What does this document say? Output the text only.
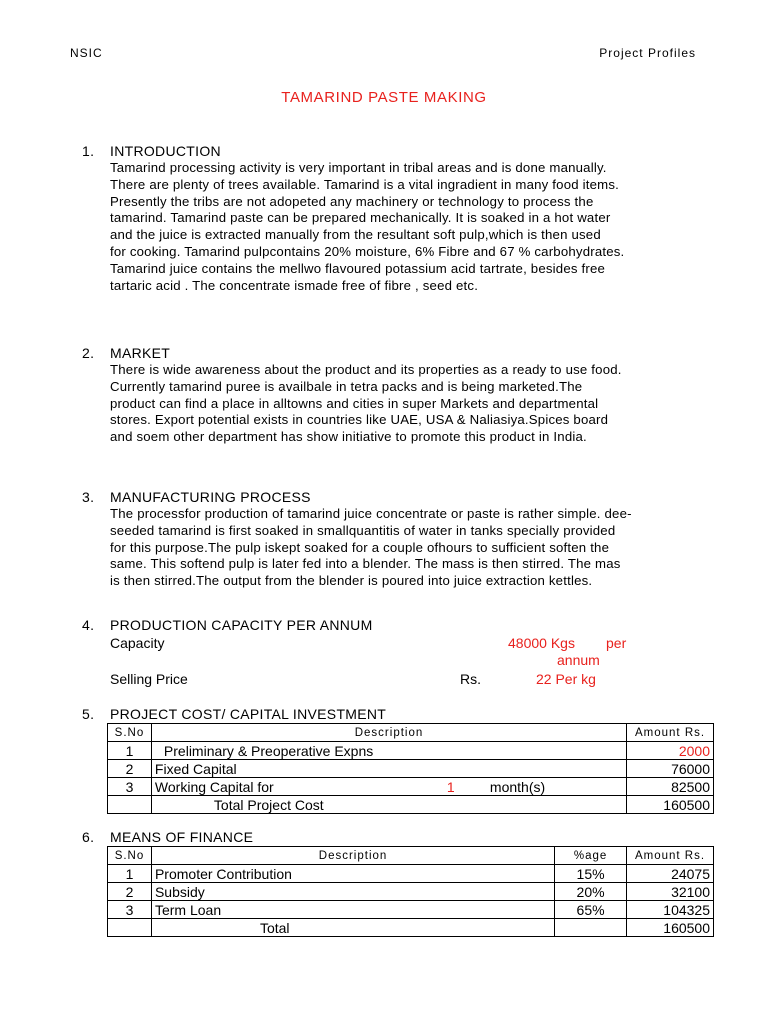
NSIC	Project Profiles
TAMARIND PASTE MAKING
1.	INTRODUCTION
Tamarind processing activity is very important in tribal areas and is done manually.
There are plenty of trees available. Tamarind is a vital ingradient in many food items.
Presently the tribs are not adopeted any machinery or technology to process the
tamarind. Tamarind paste can be prepared mechanically. It is soaked in a hot water
and the juice is extracted manually from the resultant soft pulp,which is then used
for cooking. Tamarind pulpcontains 20% moisture, 6% Fibre and 67 % carbohydrates.
Tamarind juice contains the mellwo flavoured potassium acid tartrate, besides free
tartaric acid . The concentrate ismade free of fibre , seed etc.
2.	MARKET
There is wide awareness about the product and its properties as a ready to use food.
Currently tamarind puree is availbale in tetra packs and is being marketed.The
product can find a place in alltowns and cities in super Markets and departmental
stores. Export potential exists in countries like UAE, USA & Naliasiya.Spices board
and soem other department has show initiative to promote this product in India.
3.	MANUFACTURING PROCESS
The processfor production of tamarind juice concentrate or paste is rather simple. dee-
seeded tamarind is first soaked in smallquantitis of water in tanks specially provided
for this purpose.The pulp iskept soaked for a couple ofhours to sufficient soften the
same. This softend pulp is later fed into a blender. The mass is then stirred. The mas
is then stirred.The output from the blender is poured into juice extraction kettles.
4.	PRODUCTION CAPACITY PER ANNUM
Capacity	48000 Kgs per
annum
Selling Price	Rs.	22 Per kg
5.	PROJECT COST/ CAPITAL INVESTMENT
S.No	Description	Amount Rs.
1	Preliminary & Preoperative Expns	2000
2	Fixed Capital	76000
3	Working Capital for 1 month(s)	82500
	Total Project Cost	160500
6.	MEANS OF FINANCE
S.No	Description	%age	Amount Rs.
1	Promoter Contribution	15%	24075
2	Subsidy	20%	32100
3	Term Loan	65%	104325
	Total		160500
